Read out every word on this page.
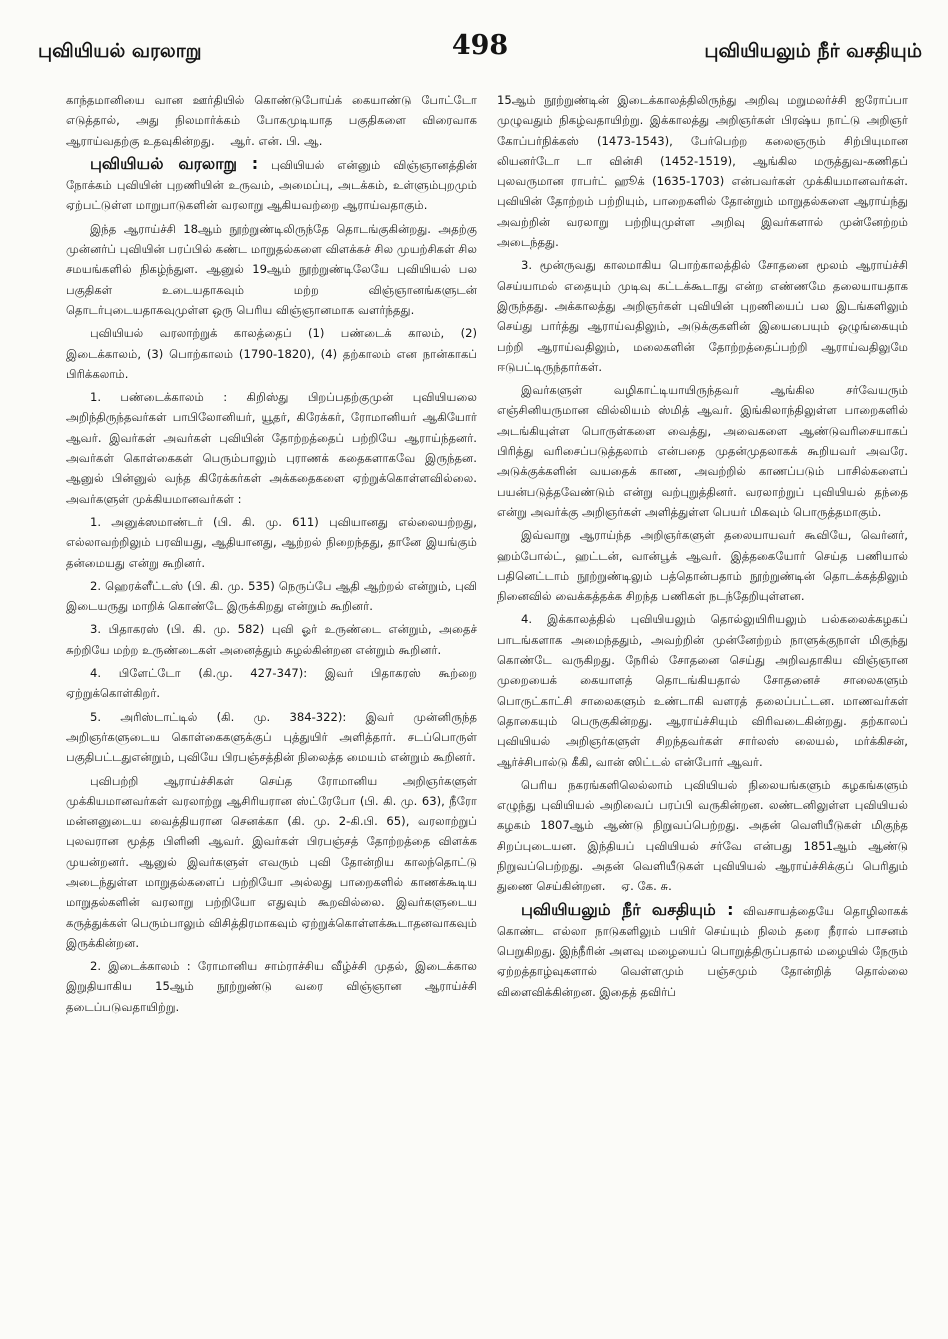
புவியியல் வரலாறு	498	புவியியலும் நீர் வசதியும்

காந்தமானியை வான ஊர்தியில் கொண்டுபோய்க் கையாண்டு போட்டோ எடுத்தால், அது நிலமார்க்கம் போகமுடியாத பகுதிகளை விரைவாக ஆராய்வதற்கு உதவுகின்றது. ஆர். என். பி. ஆ.

புவியியல் வரலாறு : புவியியல் என்னும் விஞ்ஞானத்தின் நோக்கம் புவியின் புறணியின் உருவம், அமைப்பு, அடக்கம், உள்ளும்புறமும் ஏற்பட்டுள்ள மாறுபாடுகளின் வரலாறு ஆகியவற்றை ஆராய்வதாகும்.

இந்த ஆராய்ச்சி 18ஆம் நூற்றுண்டிலிருந்தே தொடங்குகின்றது. அதற்கு முன்னர்ப் புவியின் பரப்பில் கண்ட மாறுதல்களை விளக்கச் சில முயற்சிகள் சில சமயங்களில் நிகழ்ந்துள. ஆனுல் 19ஆம் நூற்றுண்டிலேயே புவியியல் பல பகுதிகள் உடையதாகவும் மற்ற விஞ்ஞானங்களுடன் தொடர்புடையதாகவுமுள்ள ஒரு பெரிய விஞ்ஞானமாக வளர்ந்தது.

புவியியல் வரலாற்றுக் காலத்தைப் (1) பண்டைக் காலம், (2) இடைக்காலம், (3) பொற்காலம் (1790-1820), (4) தற்காலம் என நான்காகப் பிரிக்கலாம்.

1. பண்டைக்காலம் : கிறிஸ்து பிறப்பதற்குமுன் புவியியலை அறிந்திருந்தவர்கள் பாபிலோனியர், யூதர், கிரேக்கர், ரோமானியர் ஆகியோர் ஆவர். இவர்கள் அவர்கள் புவியின் தோற்றத்தைப் பற்றியே ஆராய்ந்தனர். அவர்கள் கொள்கைகள் பெரும்பாலும் புராணக் கதைகளாகவே இருந்தன. ஆனுல் பின்னுல் வந்த கிரேக்கர்கள் அக்கதைகளை ஏற்றுக்கொள்ளவில்லை. அவர்களுள் முக்கியமானவர்கள் :

1. அனுக்ஸமாண்டர் (பி. கி. மு. 611) புவியானது எல்லையற்றது, எல்லாவற்றிலும் பரவியது, ஆதியானது, ஆற்றல் நிறைந்தது, தானே இயங்கும் தன்மையது என்று கூறினர்.

2. ஹெரக்ளீட்டஸ் (பி. கி. மு. 535) நெருப்பே ஆதி ஆற்றல் என்றும், புவி இடையருது மாறிக் கொண்டே இருக்கிறது என்றும் கூறினர்.

3. பிதாகரஸ் (பி. கி. மு. 582) புவி ஓர் உருண்டை என்றும், அதைச் சுற்றியே மற்ற உருண்டைகள் அனைத்தும் சுழல்கின்றன என்றும் கூறினர்.

4. பிளேட்டோ (கி.மு. 427-347): இவர் பிதாகரஸ் கூற்றை ஏற்றுக்கொள்கிறர்.

5. அரிஸ்டாட்டில் (கி. மு. 384-322): இவர் முன்னிருந்த அறிஞர்களுடைய கொள்கைகளுக்குப் புத்துயிர் அளித்தார். சடப்பொருள் பகுதிபட்டதுஎன்றும், புவியே பிரபஞ்சத்தின் நிலைத்த மையம் என்றும் கூறினர்.

புவிபற்றி ஆராய்ச்சிகள் செய்த ரோமானிய அறிஞர்களுள் முக்கியமானவர்கள் வரலாற்று ஆசிரியரான ஸ்ட்ரேபோ (பி. கி. மு. 63), நீரோ மன்னனுடைய வைத்தியரான செனக்கா (கி. மு. 2-கி.பி. 65), வரலாற்றுப் புலவரான மூத்த பிளினி ஆவர். இவர்கள் பிரபஞ்சத் தோற்றத்தை விளக்க முயன்றனர். ஆனுல் இவர்களுள் எவரும் புவி தோன்றிய காலந்தொட்டு அடைந்துள்ள மாறுதல்களைப் பற்றியோ அல்லது பாறைகளில் காணக்கூடிய மாறுதல்களின் வரலாறு பற்றியோ எதுவும் கூறவில்லை. இவர்களுடைய கருத்துக்கள் பெரும்பாலும் விசித்திரமாகவும் ஏற்றுக்கொள்ளக்கூடாதனவாகவும் இருக்கின்றன.

2. இடைக்காலம் : ரோமானிய சாம்ராச்சிய வீழ்ச்சி முதல், இடைக்கால இறுதியாகிய 15ஆம் நூற்றுண்டு வரை விஞ்ஞான ஆராய்ச்சி தடைப்படுவதாயிற்று.

15ஆம் நூற்றுண்டின் இடைக்காலத்திலிருந்து அறிவு மறுமலர்ச்சி ஐரோப்பா முழுவதும் நிகழ்வதாயிற்று. இக்காலத்து அறிஞர்கள் பிரஷ்ய நாட்டு அறிஞர் கோப்பர்நிக்கஸ் (1473-1543), பேர்பெற்ற கலைஞரும் சிற்பியுமான லியனர்டோ டா வின்சி (1452-1519), ஆங்கில மருத்துவ-கணிதப் புலவருமான ராபர்ட் ஹூக் (1635-1703) என்பவர்கள் முக்கியமானவர்கள். புவியின் தோற்றம் பற்றியும், பாறைகளில் தோன்றும் மாறுதல்களை ஆராய்ந்து அவற்றின் வரலாறு பற்றியுமுள்ள அறிவு இவர்களால் முன்னேற்றம் அடைந்தது.

3. மூன்ருவது காலமாகிய பொற்காலத்தில் சோதனை மூலம் ஆராய்ச்சி செய்யாமல் எதையும் முடிவு கட்டக்கூடாது என்ற எண்ணமே தலையாயதாக இருந்தது. அக்காலத்து அறிஞர்கள் புவியின் புறணியைப் பல இடங்களிலும் செய்து பார்த்து ஆராய்வதிலும், அடுக்குகளின் இயைபையும் ஒழுங்கையும் பற்றி ஆராய்வதிலும், மலைகளின் தோற்றத்தைப்பற்றி ஆராய்வதிலுமே ஈடுபட்டிருந்தார்கள்.

இவர்களுள் வழிகாட்டியாயிருந்தவர் ஆங்கில சர்வேயரும் எஞ்சினியருமான வில்லியம் ஸ்மித் ஆவர். இங்கிலாந்திலுள்ள பாறைகளில் அடங்கியுள்ள பொருள்களை வைத்து, அவைகளை ஆண்டுவரிசையாகப் பிரித்து வரிசைப்படுத்தலாம் என்பதை முதன்முதலாகக் கூறியவர் அவரே. அடுக்குக்களின் வயதைக் காண, அவற்றில் காணப்படும் பாசில்களைப் பயன்படுத்தவேண்டும் என்று வற்புறுத்தினர். வரலாற்றுப் புவியியல் தந்தை என்று அவர்க்கு அறிஞர்கள் அளித்துள்ள பெயர் மிகவும் பொருத்தமாகும்.

இவ்வாறு ஆராய்ந்த அறிஞர்களுள் தலையாயவர் கூவியே, வெர்னர், ஹம்போல்ட், ஹட்டன், வான்பூக் ஆவர். இத்தகையோர் செய்த பணியால் பதினெட்டாம் நூற்றுண்டிலும் பத்தொன்பதாம் நூற்றுண்டின் தொடக்கத்திலும் நினைவில் வைக்கத்தக்க சிறந்த பணிகள் நடந்தேறியுள்ளன.

4. இக்காலத்தில் புவியியலும் தொல்லுயிரியலும் பல்கலைக்கழகப் பாடங்களாக அமைந்ததும், அவற்றின் முன்னேற்றம் நாளுக்குநாள் மிகுந்து கொண்டே வருகிறது. நேரில் சோதனை செய்து அறிவதாகிய விஞ்ஞான முறையைக் கையாளத் தொடங்கியதால் சோதனைச் சாலைகளும் பொருட்காட்சி சாலைகளும் உண்டாகி வளரத் தலைப்பட்டன. மாணவர்கள் தொகையும் பெருகுகின்றது. ஆராய்ச்சியும் விரிவடைகின்றது. தற்காலப் புவியியல் அறிஞர்களுள் சிறந்தவர்கள் சார்லஸ் லையல், மர்க்கிசன், ஆர்ச்சிபால்டு கீகி, வான் ஸிட்டல் என்போர் ஆவர்.

பெரிய நகரங்களிலெல்லாம் புவியியல் நிலையங்களும் கழகங்களும் எழுந்து புவியியல் அறிவைப் பரப்பி வருகின்றன. லண்டனிலுள்ள புவியியல் கழகம் 1807ஆம் ஆண்டு நிறுவப்பெற்றது. அதன் வெளியீடுகள் மிகுந்த சிறப்புடையன. இந்தியப் புவியியல் சர்வே என்பது 1851ஆம் ஆண்டு நிறுவப்பெற்றது. அதன் வெளியீடுகள் புவியியல் ஆராய்ச்சிக்குப் பெரிதும் துணை செய்கின்றன. ஏ. கே. சு.

புவியியலும் நீர் வசதியும் : விவசாயத்தையே தொழிலாகக் கொண்ட எல்லா நாடுகளிலும் பயிர் செய்யும் நிலம் தரை நீரால் பாசனம் பெறுகிறது. இந்நீரின் அளவு மழையைப் பொறுத்திருப்பதால் மழையில் நேரும் ஏற்றத்தாழ்வுகளால் வெள்ளமும் பஞ்சமும் தோன்றித் தொல்லை விளைவிக்கின்றன. இதைத் தவிர்ப்
